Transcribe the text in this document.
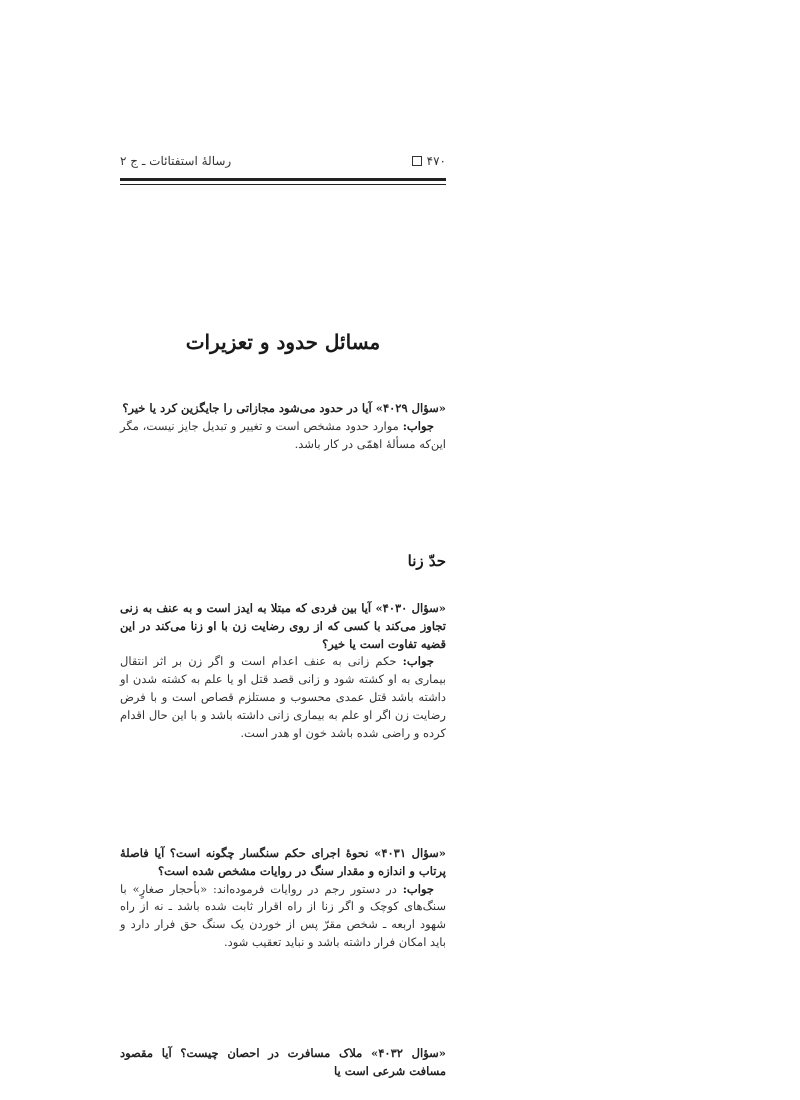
۴۷۰
رسالهٔ استفتائات ـ ج ۲
مسائل حدود و تعزیرات
«سؤال ۴۰۲۹» آیا در حدود می‌شود مجازاتی را جایگزین کرد یا خیر؟
جواب: موارد حدود مشخص است و تغییر و تبدیل جایز نیست، مگر این‌که مسألهٔ اهمّی در کار باشد.
حدّ زنا
«سؤال ۴۰۳۰» آیا بین فردی که مبتلا به ایدز است و به عنف به زنی تجاوز می‌کند با کسی که از روی رضایت زن با او زنا می‌کند در این قضیه تفاوت است یا خیر؟
جواب: حکم زانی به عنف اعدام است و اگر زن بر اثر انتقال بیماری به او کشته شود و زانی قصد قتل او یا علم به کشته شدن او داشته باشد قتل عمدی محسوب و مستلزم قصاص است و با فرض رضایت زن اگر او علم به بیماری زانی داشته باشد و با این حال اقدام کرده و راضی شده باشد خون او هدر است.
«سؤال ۴۰۳۱» نحوهٔ اجرای حکم سنگسار چگونه است؟ آیا فاصلهٔ پرتاب و اندازه و مقدار سنگ در روایات مشخص شده است؟
جواب: در دستور رجم در روایات فرموده‌اند: «بأحجار صغارٍ» با سنگ‌های کوچک و اگر زنا از راه اقرار ثابت شده باشد ـ نه از راه شهود اربعه ـ شخص مقرّ پس از خوردن یک سنگ حق فرار دارد و باید امکان فرار داشته باشد و نباید تعقیب شود.
«سؤال ۴۰۳۲» ملاک مسافرت در احصان چیست؟ آیا مقصود مسافت شرعی است یا
